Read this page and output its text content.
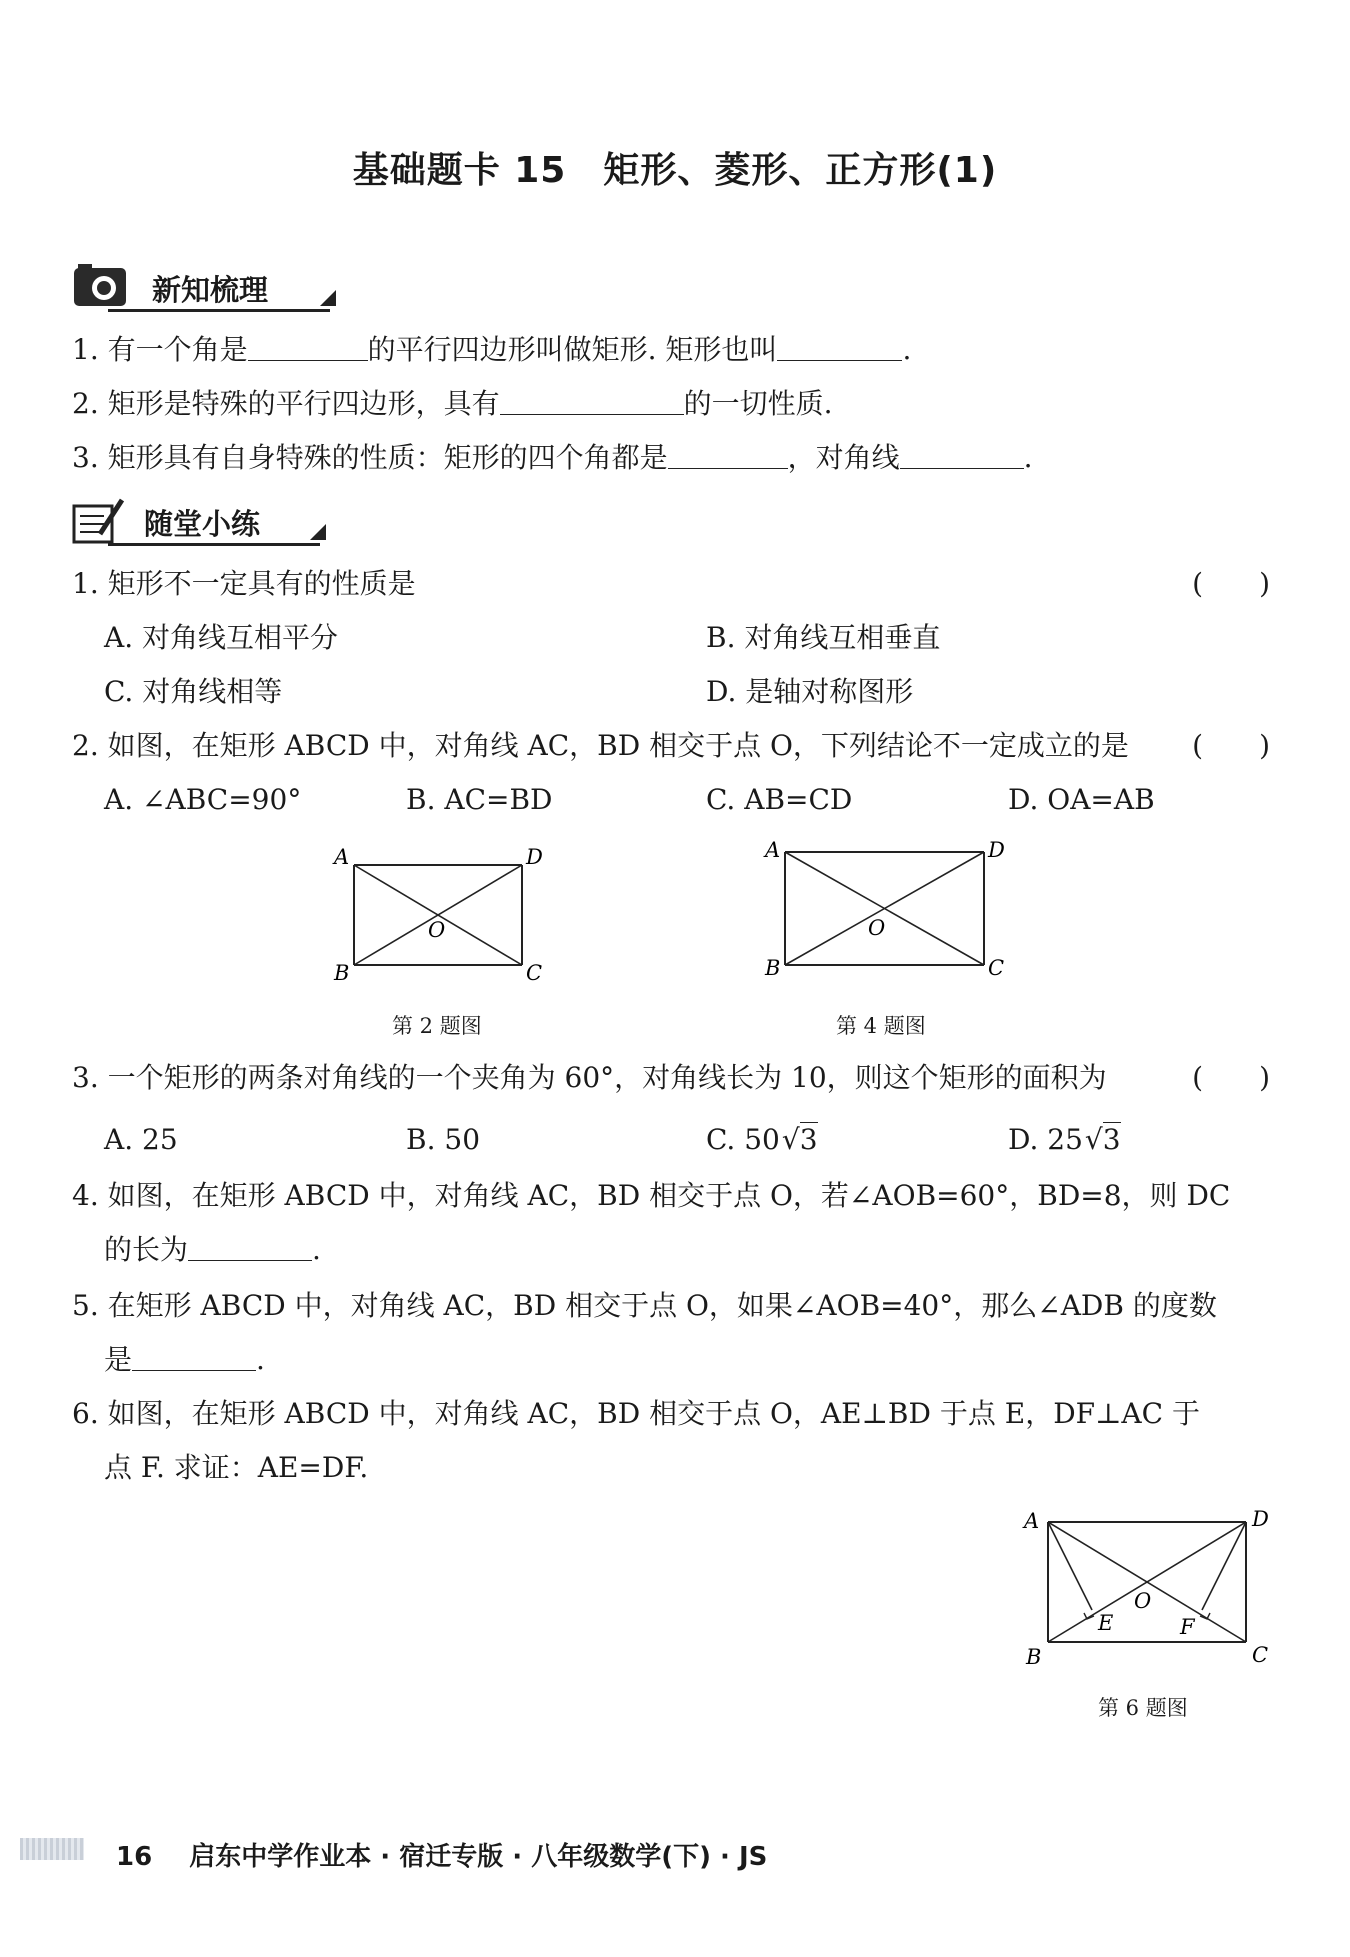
基础题卡 15　矩形、菱形、正方形(1)
新知梳理
1. 有一个角是	的平行四边形叫做矩形. 矩形也叫	.
2. 矩形是特殊的平行四边形，具有	的一切性质.
3. 矩形具有自身特殊的性质：矩形的四个角都是	，对角线	.
随堂小练
1. 矩形不一定具有的性质是	(　　)
A. 对角线互相平分	B. 对角线互相垂直
C. 对角线相等	D. 是轴对称图形
2. 如图，在矩形 ABCD 中，对角线 AC，BD 相交于点 O，下列结论不一定成立的是 (　　)
A. ∠ABC=90°	B. AC=BD	C. AB=CD	D. OA=AB
A	D
O
B	C
第 2 题图
A	D
O
B	C
第 4 题图
3. 一个矩形的两条对角线的一个夹角为 60°，对角线长为 10，则这个矩形的面积为	(　　)
A. 25	B. 50	C. 50√3	D. 25√3
4. 如图，在矩形 ABCD 中，对角线 AC，BD 相交于点 O，若∠AOB=60°，BD=8，则 DC
的长为	.
5. 在矩形 ABCD 中，对角线 AC，BD 相交于点 O，如果∠AOB=40°，那么∠ADB 的度数
是	.
6. 如图，在矩形 ABCD 中，对角线 AC，BD 相交于点 O，AE⊥BD 于点 E，DF⊥AC 于
点 F. 求证：AE=DF.
A	D
O
E	F
B	C
第 6 题图
16 启东中学作业本 · 宿迁专版 · 八年级数学(下) · JS
